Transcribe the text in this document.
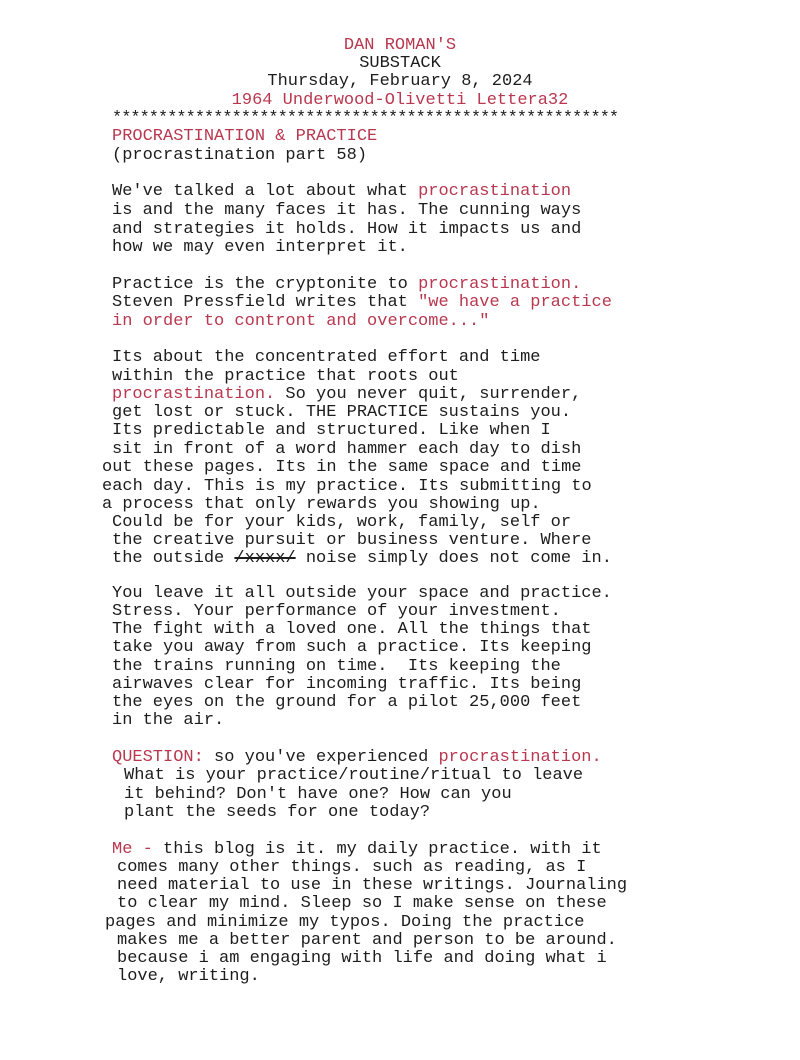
DAN ROMAN'S
SUBSTACK
Thursday, February 8, 2024
1964 Underwood-Olivetti Lettera32
*******************************************************
PROCRASTINATION & PRACTICE
(procrastination part 58)
We've talked a lot about what procrastination
is and the many faces it has. The cunning ways
and strategies it holds. How it impacts us and
how we may even interpret it.
Practice is the cryptonite to procrastination.
Steven Pressfield writes that "we have a practice
in order to contront and overcome..."
Its about the concentrated effort and time
within the practice that roots out
procrastination. So you never quit, surrender,
get lost or stuck. THE PRACTICE sustains you.
Its predictable and structured. Like when I
sit in front of a word hammer each day to dish
out these pages. Its in the same space and time
each day. This is my practice. Its submitting to
a process that only rewards you showing up.
Could be for your kids, work, family, self or
the creative pursuit or business venture. Where
the outside /xxxx/ noise simply does not come in.
You leave it all outside your space and practice.
Stress. Your performance of your investment.
The fight with a loved one. All the things that
take you away from such a practice. Its keeping
the trains running on time.  Its keeping the
airwaves clear for incoming traffic. Its being
the eyes on the ground for a pilot 25,000 feet
in the air.
QUESTION: so you've experienced procrastination.
What is your practice/routine/ritual to leave
it behind? Don't have one? How can you
plant the seeds for one today?
Me - this blog is it. my daily practice. with it
comes many other things. such as reading, as I
need material to use in these writings. Journaling
to clear my mind. Sleep so I make sense on these
pages and minimize my typos. Doing the practice
makes me a better parent and person to be around.
because i am engaging with life and doing what i
love, writing.
